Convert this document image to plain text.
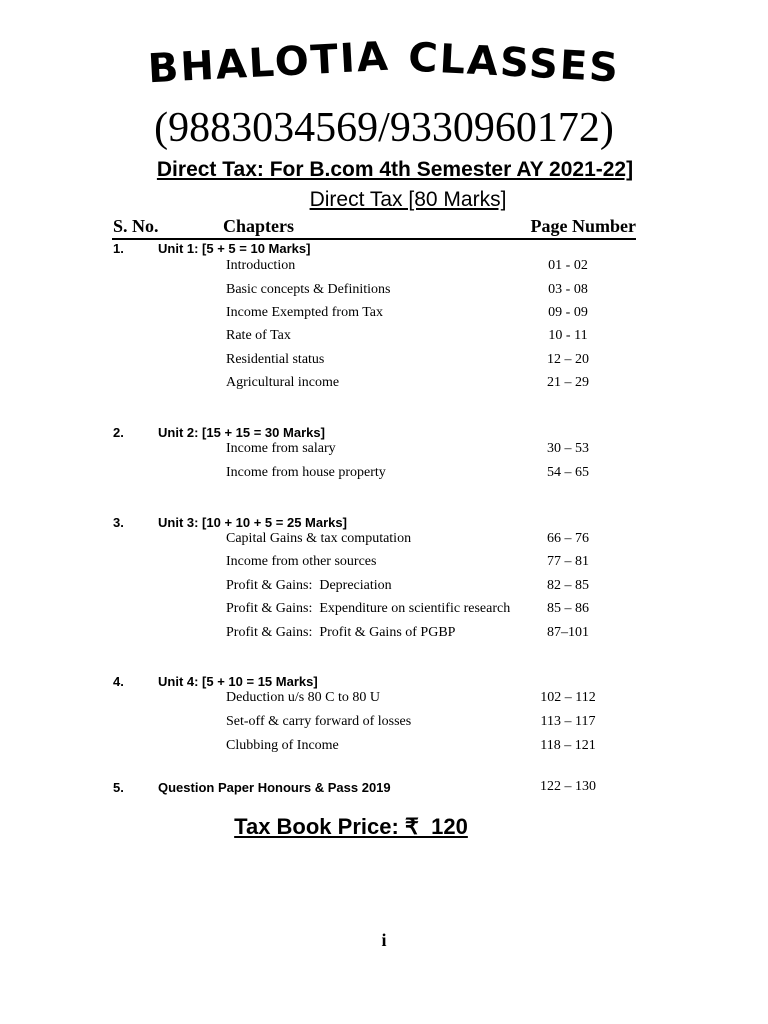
BHALOTIA CLASSES
(9883034569/9330960172)
Direct Tax: For B.com 4th Semester AY 2021-22]
Direct Tax [80 Marks]
S. No.	Chapters	Page Number
1.	Unit 1: [5 + 5 = 10 Marks]
Introduction	01 - 02
Basic concepts & Definitions	03 - 08
Income Exempted from Tax	09 - 09
Rate of Tax	10 - 11
Residential status	12 – 20
Agricultural income	21 – 29
2.	Unit 2: [15 + 15 = 30 Marks]
Income from salary	30 – 53
Income from house property	54 – 65
3.	Unit 3: [10 + 10 + 5 = 25 Marks]
Capital Gains & tax computation	66 – 76
Income from other sources	77 – 81
Profit & Gains:  Depreciation	82 – 85
Profit & Gains:  Expenditure on scientific research	85 – 86
Profit & Gains:  Profit & Gains of PGBP	87–101
4.	Unit 4: [5 + 10 = 15 Marks]
Deduction u/s 80 C to 80 U	102 – 112
Set-off & carry forward of losses	113 – 117
Clubbing of Income	118 – 121
5.	Question Paper Honours & Pass 2019	122 – 130
Tax Book Price: ₹  120
i
